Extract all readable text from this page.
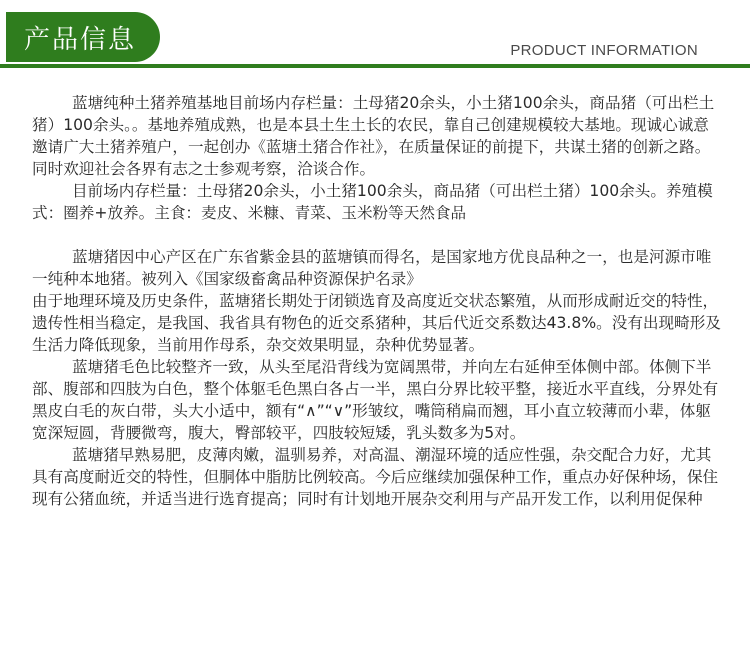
产品信息	PRODUCT INFORMATION

蓝塘纯种土猪养殖基地目前场内存栏量：土母猪20余头，小土猪100余头，商品猪（可出栏土猪）100余头。。基地养殖成熟，也是本县土生土长的农民，靠自己创建规模较大基地。现诚心诚意邀请广大土猪养殖户，一起创办《蓝塘土猪合作社》，在质量保证的前提下，共谋土猪的创新之路。同时欢迎社会各界有志之士参观考察，洽谈合作。

目前场内存栏量：土母猪20余头，小土猪100余头，商品猪（可出栏土猪）100余头。养殖模式：圈养+放养。主食：麦皮、米糠、青菜、玉米粉等天然食品

蓝塘猪因中心产区在广东省紫金县的蓝塘镇而得名，是国家地方优良品种之一，也是河源市唯一纯种本地猪。被列入《国家级畜禽品种资源保护名录》

由于地理环境及历史条件，蓝塘猪长期处于闭锁选育及高度近交状态繁殖，从而形成耐近交的特性，遗传性相当稳定，是我国、我省具有物色的近交系猪种，其后代近交系数达43.8%。没有出现畸形及生活力降低现象，当前用作母系，杂交效果明显，杂种优势显著。

蓝塘猪毛色比较整齐一致，从头至尾沿背线为宽阔黑带，并向左右延伸至体侧中部。体侧下半部、腹部和四肢为白色，整个体躯毛色黑白各占一半，黑白分界比较平整，接近水平直线，分界处有黑皮白毛的灰白带，头大小适中，额有“∧”“∨”形皱纹，嘴筒稍扁而翘，耳小直立较薄而小辈，体躯宽深短圆，背腰微弯，腹大，臀部较平，四肢较短矮，乳头数多为5对。

蓝塘猪早熟易肥，皮薄肉嫩，温驯易养，对高温、潮湿环境的适应性强，杂交配合力好，尤其具有高度耐近交的特性，但胴体中脂肪比例较高。今后应继续加强保种工作，重点办好保种场，保住现有公猪血统，并适当进行选育提高；同时有计划地开展杂交利用与产品开发工作，以利用促保种
